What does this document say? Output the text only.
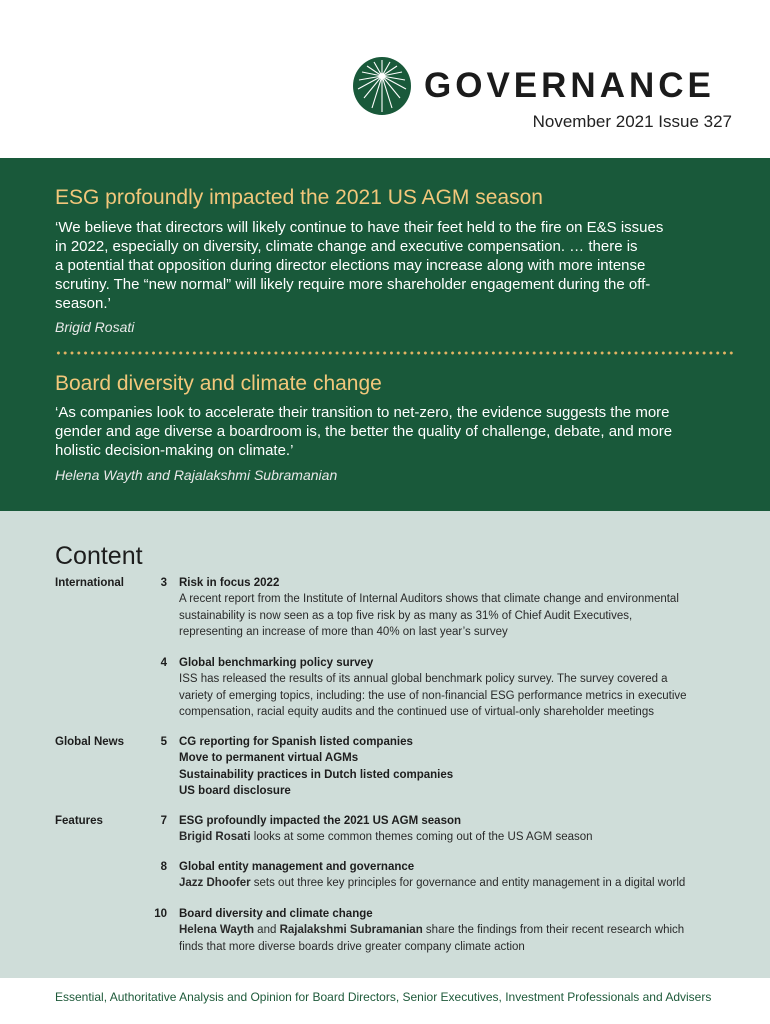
GOVERNANCE
November 2021 Issue 327
ESG profoundly impacted the 2021 US AGM season
‘We believe that directors will likely continue to have their feet held to the fire on E&S issues
in 2022, especially on diversity, climate change and executive compensation. … there is
a potential that opposition during director elections may increase along with more intense
scrutiny. The “new normal” will likely require more shareholder engagement during the off-
season.’
Brigid Rosati
Board diversity and climate change
‘As companies look to accelerate their transition to net-zero, the evidence suggests the more
gender and age diverse a boardroom is, the better the quality of challenge, debate, and more
holistic decision-making on climate.’
Helena Wayth and Rajalakshmi Subramanian
Content
International	3 Risk in focus 2022
A recent report from the Institute of Internal Auditors shows that climate change and environmental
sustainability is now seen as a top five risk by as many as 31% of Chief Audit Executives,
representing an increase of more than 40% on last year’s survey
4 Global benchmarking policy survey
ISS has released the results of its annual global benchmark policy survey. The survey covered a
variety of emerging topics, including: the use of non-financial ESG performance metrics in executive
compensation, racial equity audits and the continued use of virtual-only shareholder meetings
Global News	5 CG reporting for Spanish listed companies
Move to permanent virtual AGMs
Sustainability practices in Dutch listed companies
US board disclosure
Features	7 ESG profoundly impacted the 2021 US AGM season
Brigid Rosati looks at some common themes coming out of the US AGM season
8 Global entity management and governance
Jazz Dhoofer sets out three key principles for governance and entity management in a digital world
10 Board diversity and climate change
Helena Wayth and Rajalakshmi Subramanian share the findings from their recent research which
finds that more diverse boards drive greater company climate action
Essential, Authoritative Analysis and Opinion for Board Directors, Senior Executives, Investment Professionals and Advisers
